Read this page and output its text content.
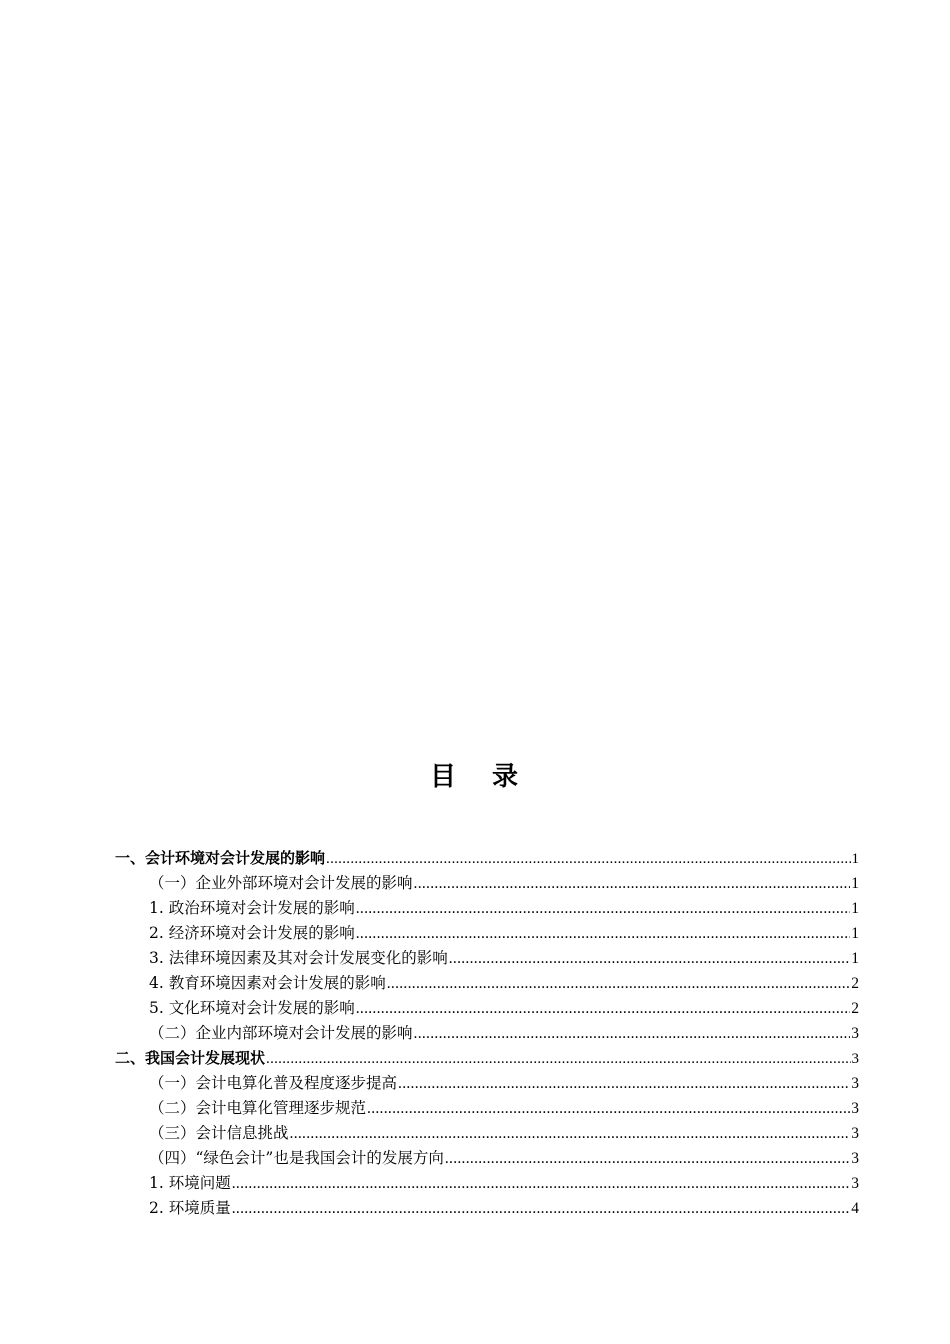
目 录
一、会计环境对会计发展的影响 .....	1
（一）企业外部环境对会计发展的影响 .....	1
1. 政治环境对会计发展的影响 .....	1
2. 经济环境对会计发展的影响 .....	1
3. 法律环境因素及其对会计发展变化的影响 .....	1
4. 教育环境因素对会计发展的影响 .....	2
5. 文化环境对会计发展的影响 .....	2
（二）企业内部环境对会计发展的影响 .....	3
二、我国会计发展现状 .....	3
（一）会计电算化普及程度逐步提高 .....	3
（二）会计电算化管理逐步规范 .....	3
（三）会计信息挑战 .....	3
（四）“绿色会计”也是我国会计的发展方向 .....	3
1. 环境问题 .....	3
2. 环境质量 .....	4
